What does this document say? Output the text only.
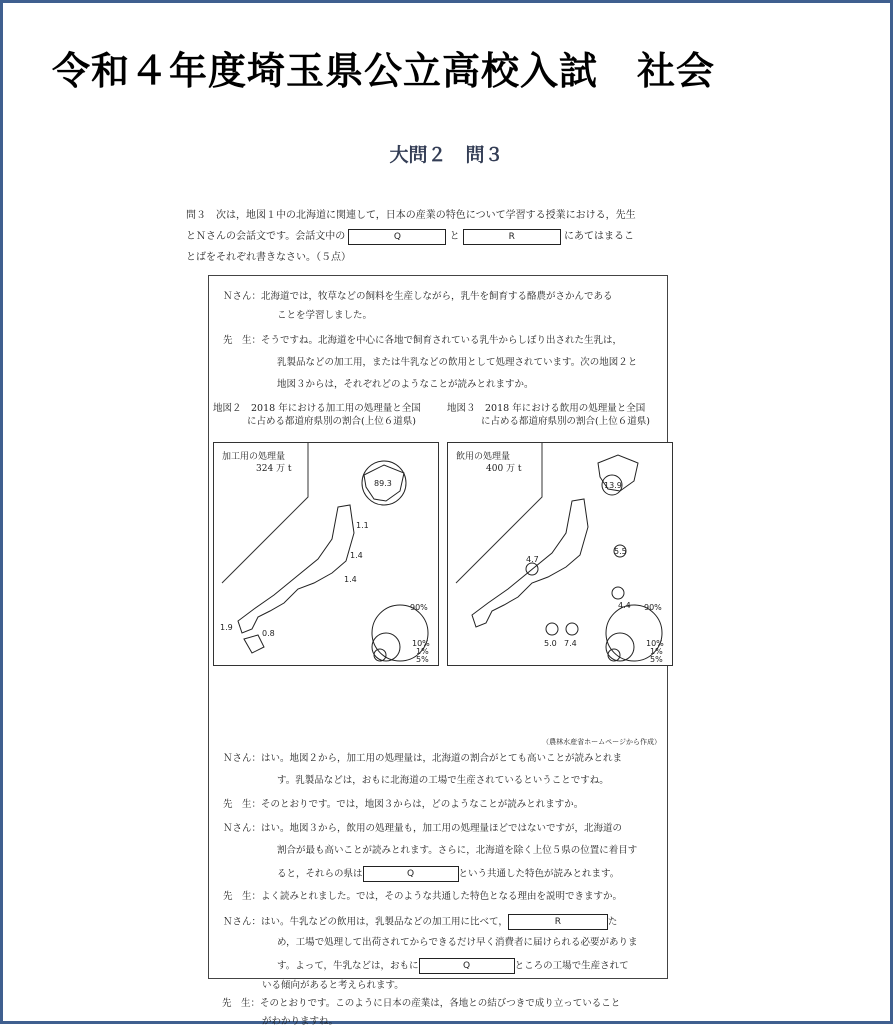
令和４年度埼玉県公立高校入試　社会
大問２　問３
問３　次は，地図１中の北海道に関連して，日本の産業の特色について学習する授業における，先生
とＮさんの会話文です。会話文中の	Q	と	R	にあてはまるこ
とばをそれぞれ書きなさい。（５点）
Ｎさん：北海道では，牧草などの飼料を生産しながら，乳牛を飼育する酪農がさかんである
ことを学習しました。
先　生：そうですね。北海道を中心に各地で飼育されている乳牛からしぼり出された生乳は，
乳製品などの加工用，または牛乳などの飲用として処理されています。次の地図２と
地図３からは，それぞれどのようなことが読みとれますか。
地図２　2018 年における加工用の処理量と全国
に占める都道府県別の割合(上位６道県)
地図３　2018 年における飲用の処理量と全国
に占める都道府県別の割合(上位６道県)
加工用の処理量
324 万 t
89.3
1.1
1.4
1.4
1.9
0.8
90%
10%
1%
5%
飲用の処理量
400 万 t
13.9
5.5
4.7
4.4
5.0 7.4
90%
10%
1%
5%
（農林水産省ホームページから作成）
Ｎさん：はい。地図２から，加工用の処理量は，北海道の割合がとても高いことが読みとれま
す。乳製品などは，おもに北海道の工場で生産されているということですね。
先　生：そのとおりです。では，地図３からは，どのようなことが読みとれますか。
Ｎさん：はい。地図３から，飲用の処理量も，加工用の処理量ほどではないですが，北海道の
割合が最も高いことが読みとれます。さらに，北海道を除く上位５県の位置に着目す
ると，それらの県は	Q	という共通した特色が読みとれます。
先　生：よく読みとれました。では，そのような共通した特色となる理由を説明できますか。
Ｎさん：はい。牛乳などの飲用は，乳製品などの加工用に比べて，	R	た
め，工場で処理して出荷されてからできるだけ早く消費者に届けられる必要がありま
す。よって，牛乳などは，おもに	Q	ところの工場で生産されて
いる傾向があると考えられます。
先　生：そのとおりです。このように日本の産業は，各地との結びつきで成り立っていること
がわかりますね。
